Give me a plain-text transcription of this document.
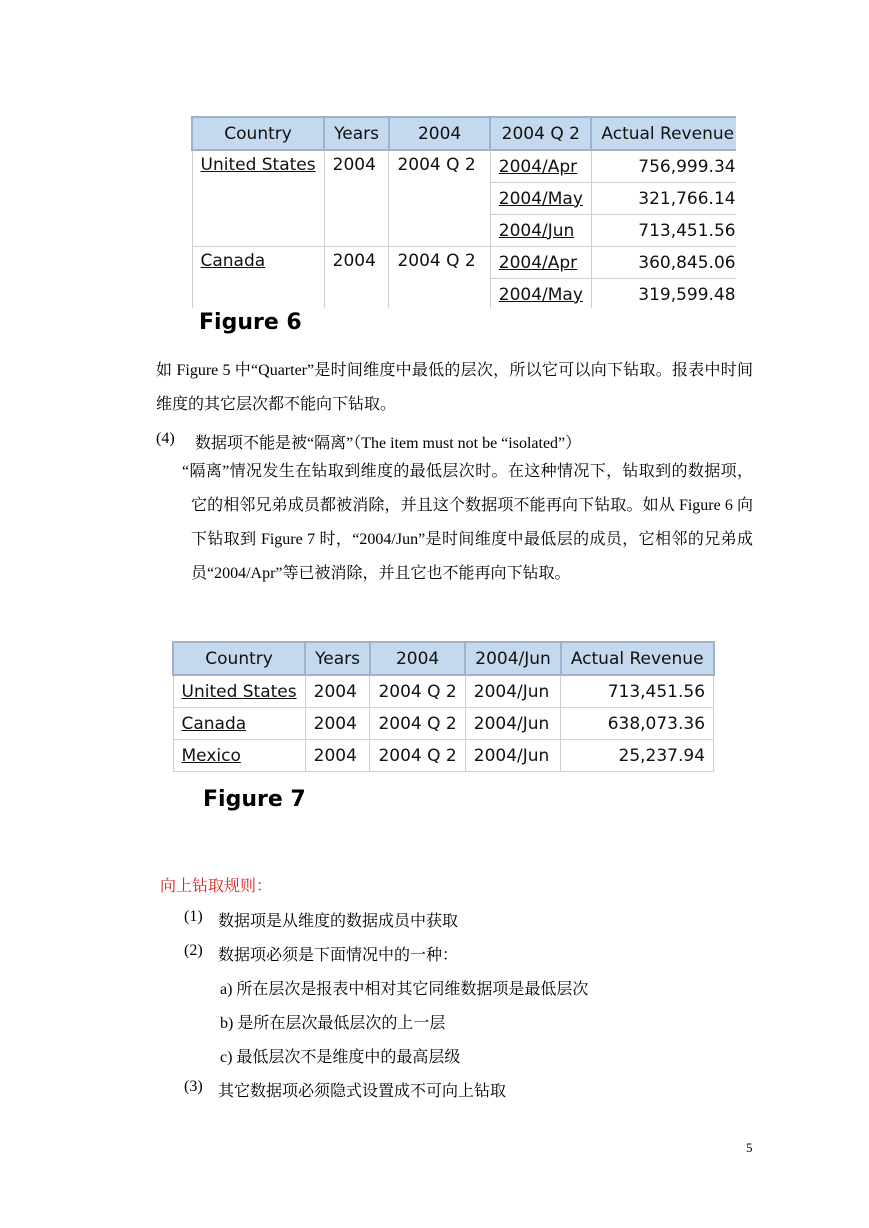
Country	Years	2004	2004 Q 2	Actual Revenue
United States	2004	2004 Q 2	2004/Apr	756,999.34
			2004/May	321,766.14
			2004/Jun	713,451.56
Canada	2004	2004 Q 2	2004/Apr	360,845.06
			2004/May	319,599.48
Figure 6
如 Figure 5 中“Quarter”是时间维度中最低的层次，所以它可以向下钻取。报表中时间维度的其它层次都不能向下钻取。
(4) 数据项不能是被“隔离”（The item must not be “isolated”）
“隔离”情况发生在钻取到维度的最低层次时。在这种情况下，钻取到的数据项，它的相邻兄弟成员都被消除，并且这个数据项不能再向下钻取。如从 Figure 6 向下钻取到 Figure 7 时，“2004/Jun”是时间维度中最低层的成员，它相邻的兄弟成员“2004/Apr”等已被消除，并且它也不能再向下钻取。
Country	Years	2004	2004/Jun	Actual Revenue
United States	2004	2004 Q 2	2004/Jun	713,451.56
Canada	2004	2004 Q 2	2004/Jun	638,073.36
Mexico	2004	2004 Q 2	2004/Jun	25,237.94
Figure 7
向上钻取规则：
(1) 数据项是从维度的数据成员中获取
(2) 数据项必须是下面情况中的一种：
a) 所在层次是报表中相对其它同维数据项是最低层次
b) 是所在层次最低层次的上一层
c) 最低层次不是维度中的最高层级
(3) 其它数据项必须隐式设置成不可向上钻取
5
